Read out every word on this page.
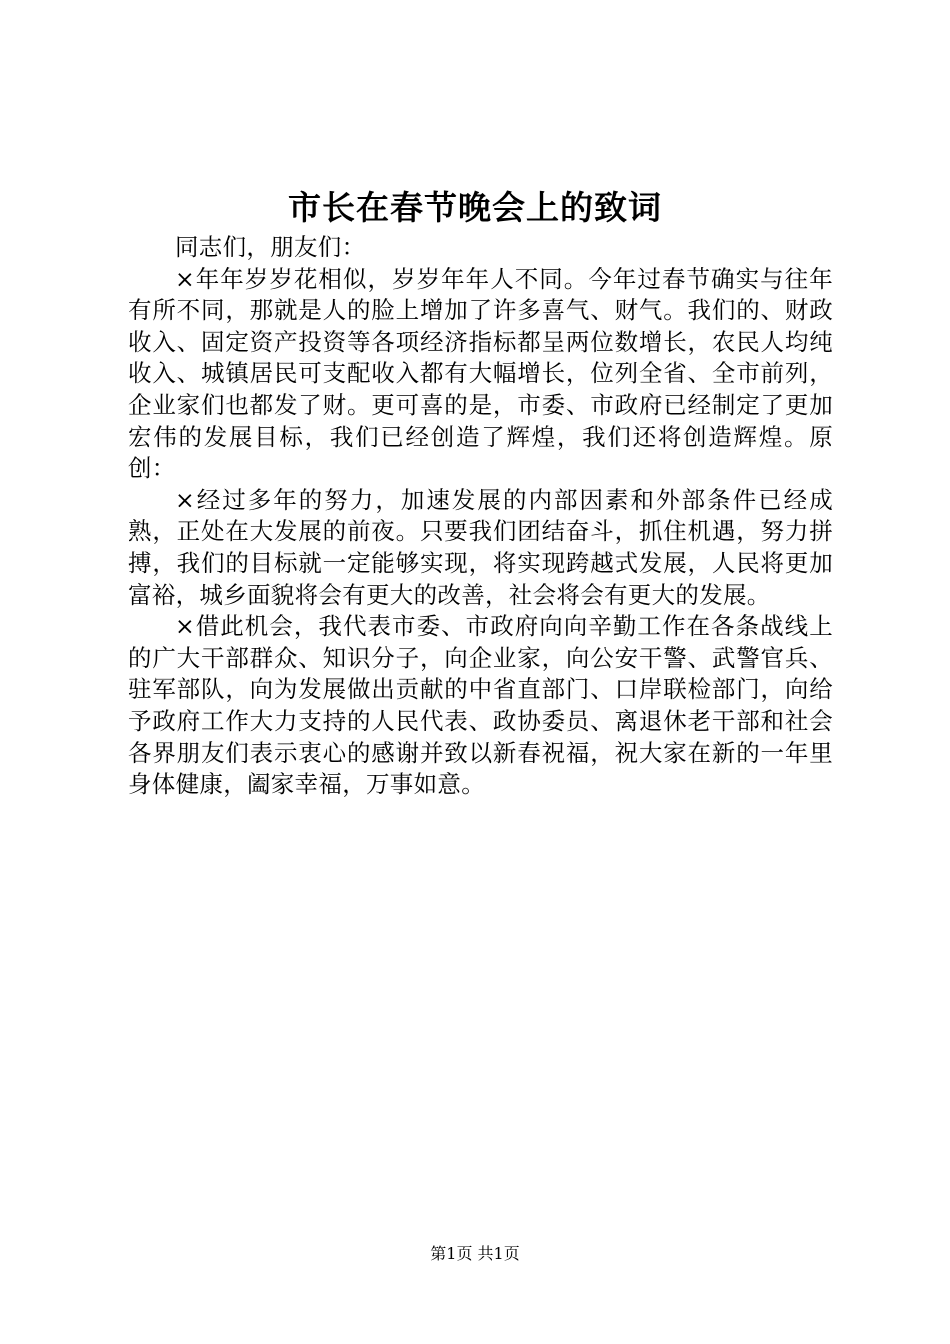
市长在春节晚会上的致词

同志们，朋友们：

×年年岁岁花相似，岁岁年年人不同。今年过春节确实与往年有所不同，那就是人的脸上增加了许多喜气、财气。我们的、财政收入、固定资产投资等各项经济指标都呈两位数增长，农民人均纯收入、城镇居民可支配收入都有大幅增长，位列全省、全市前列，企业家们也都发了财。更可喜的是，市委、市政府已经制定了更加宏伟的发展目标，我们已经创造了辉煌，我们还将创造辉煌。原创：

×经过多年的努力，加速发展的内部因素和外部条件已经成熟，正处在大发展的前夜。只要我们团结奋斗，抓住机遇，努力拼搏，我们的目标就一定能够实现，将实现跨越式发展，人民将更加富裕，城乡面貌将会有更大的改善，社会将会有更大的发展。

×借此机会，我代表市委、市政府向向辛勤工作在各条战线上的广大干部群众、知识分子，向企业家，向公安干警、武警官兵、驻军部队，向为发展做出贡献的中省直部门、口岸联检部门，向给予政府工作大力支持的人民代表、政协委员、离退休老干部和社会各界朋友们表示衷心的感谢并致以新春祝福，祝大家在新的一年里身体健康，阖家幸福，万事如意。

第1页 共1页
